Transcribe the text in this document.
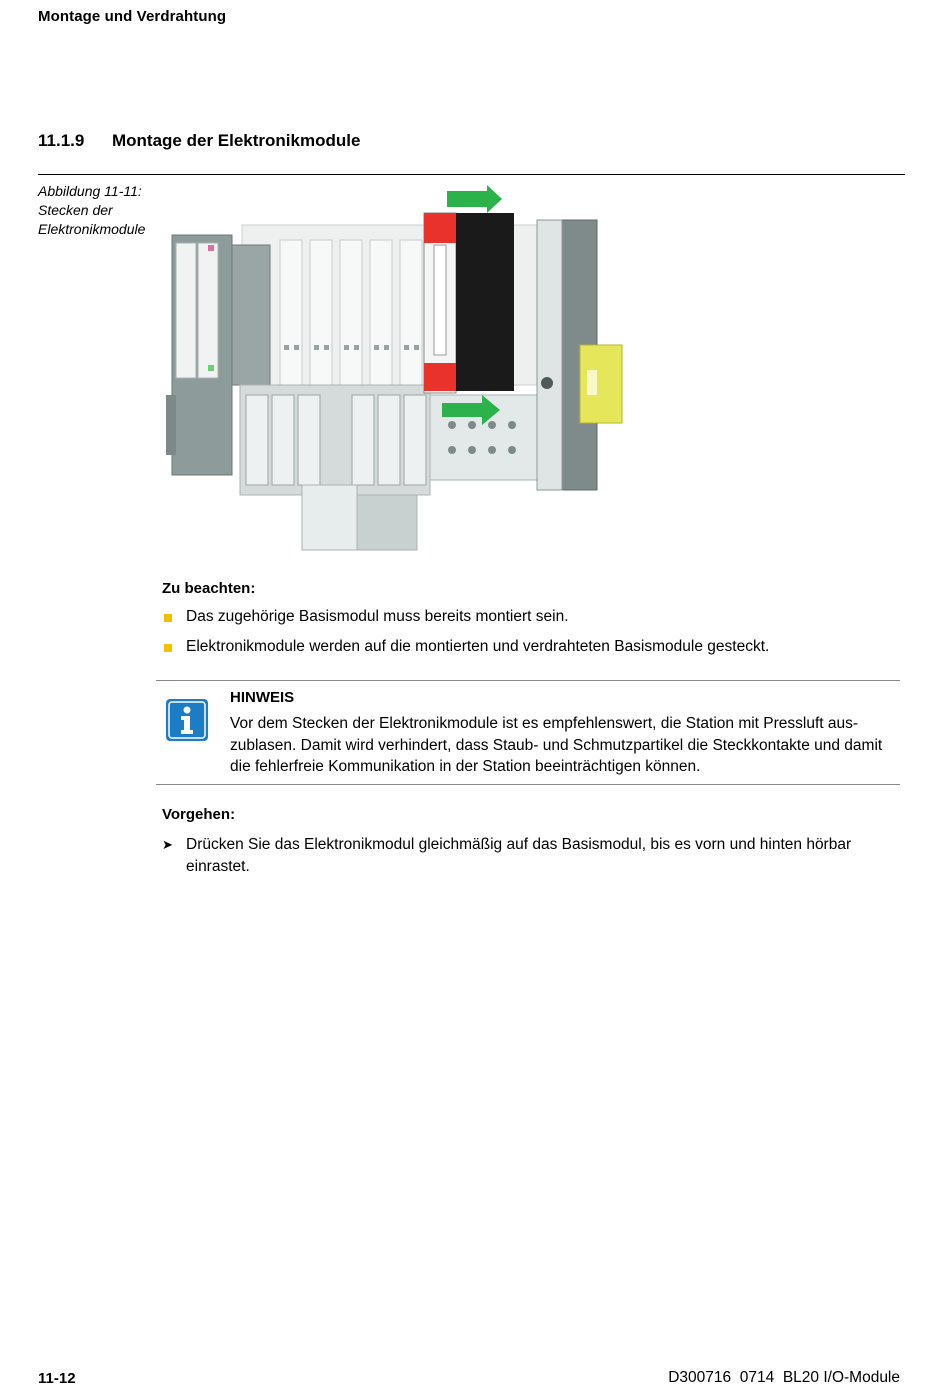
Montage und Verdrahtung
11.1.9 Montage der Elektronikmodule
Abbildung 11-11:
Stecken der
Elektronikmodule
Zu beachten:
Das zugehörige Basismodul muss bereits montiert sein.
Elektronikmodule werden auf die montierten und verdrahteten Basismodule gesteckt.
HINWEIS
Vor dem Stecken der Elektronikmodule ist es empfehlenswert, die Station mit Pressluft aus-zublasen. Damit wird verhindert, dass Staub- und Schmutzpartikel die Steckkontakte und damit die fehlerfreie Kommunikation in der Station beeinträchtigen können.
Vorgehen:
➤ Drücken Sie das Elektronikmodul gleichmäßig auf das Basismodul, bis es vorn und hinten hörbar einrastet.
11-12	D300716  0714  BL20 I/O-Module
